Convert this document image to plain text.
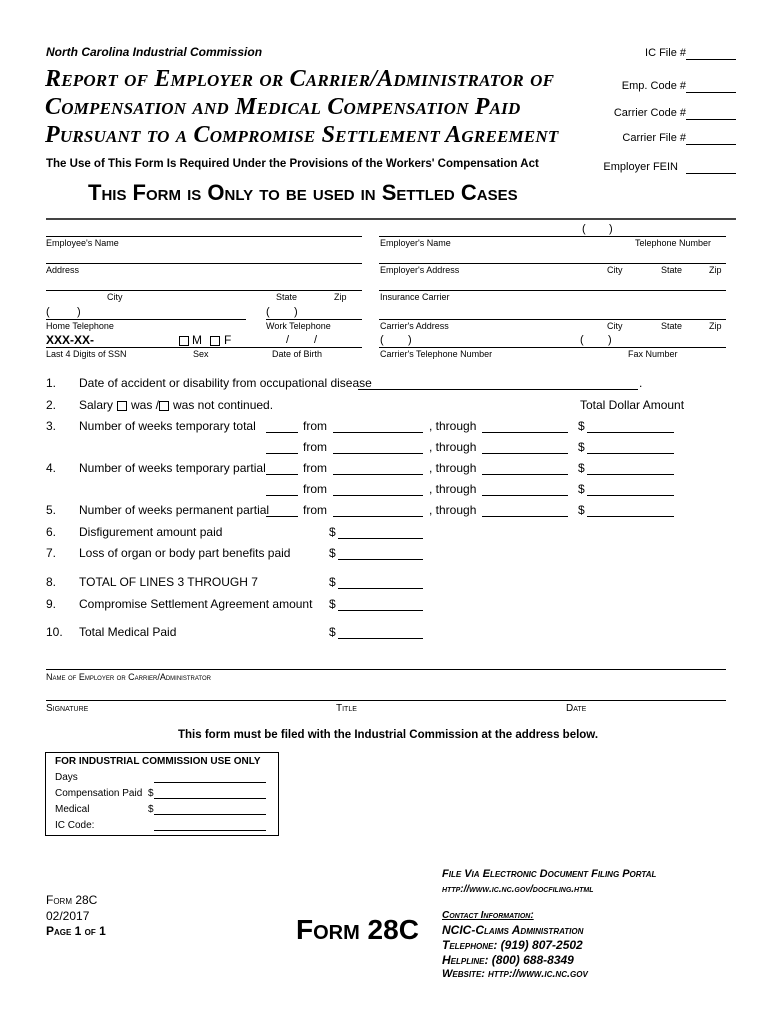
North Carolina Industrial Commission
Report of Employer or Carrier/Administrator of
Compensation and Medical Compensation Paid
Pursuant to a Compromise Settlement Agreement
The Use of This Form Is Required Under the Provisions of the Workers' Compensation Act
IC File #
Emp. Code #
Carrier Code #
Carrier File #
Employer FEIN
This Form is Only to be used in Settled Cases
Employee's Name
Address
City	State	Zip
( )	( )
Home Telephone	Work Telephone
XXX-XX-	M F	/ /
Last 4 Digits of SSN	Sex	Date of Birth
( )
Employer's Name	Telephone Number
Employer's Address	City	State	Zip
Insurance Carrier
Carrier's Address	City	State	Zip
( )	( )
Carrier's Telephone Number	Fax Number
1. Date of accident or disability from occupational disease	.
2. Salary was / was not continued.	Total Dollar Amount
3. Number of weeks temporary total	from	, through	$
from	, through	$
4. Number of weeks temporary partial	from	, through	$
from	, through	$
5. Number of weeks permanent partial	from	, through	$
6. Disfigurement amount paid	$
7. Loss of organ or body part benefits paid	$
8. TOTAL OF LINES 3 THROUGH 7	$
9. Compromise Settlement Agreement amount $
10. Total Medical Paid	$
Name of Employer or Carrier/Administrator
Signature	Title	Date
This form must be filed with the Industrial Commission at the address below.
FOR INDUSTRIAL COMMISSION USE ONLY
Days
Compensation Paid $
Medical	$
IC Code:
File Via Electronic Document Filing Portal
http://www.ic.nc.gov/docfiling.html
Form 28C
02/2017
Page 1 of 1	Form 28C Contact Information:
NCIC-Claims Administration
Telephone: (919) 807-2502
Helpline: (800) 688-8349
Website: http://www.ic.nc.gov
